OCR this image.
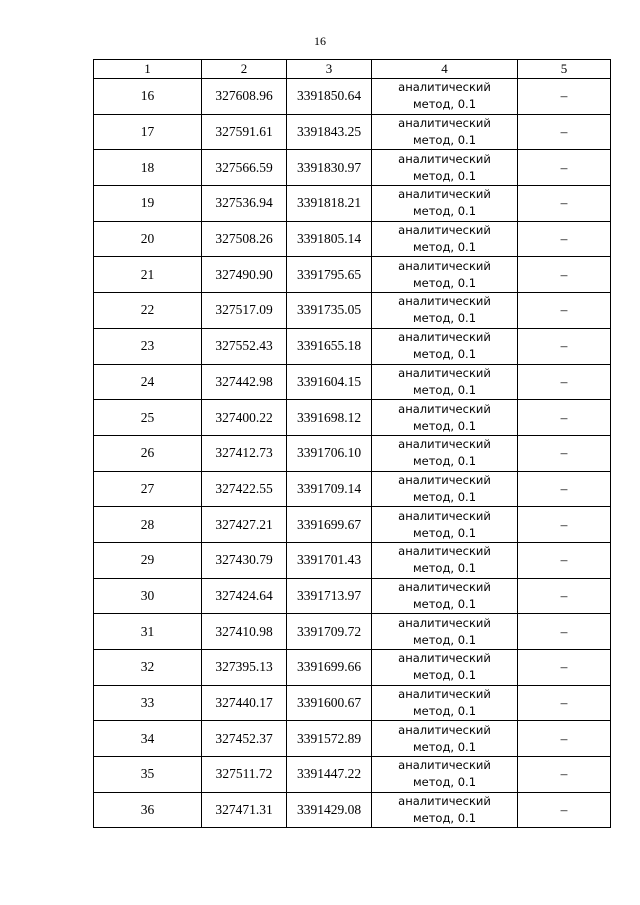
16
1	2	3	4	5
16	327608.96	3391850.64	аналитический
метод, 0.1	–
17	327591.61	3391843.25	аналитический
метод, 0.1	–
18	327566.59	3391830.97	аналитический
метод, 0.1	–
19	327536.94	3391818.21	аналитический
метод, 0.1	–
20	327508.26	3391805.14	аналитический
метод, 0.1	–
21	327490.90	3391795.65	аналитический
метод, 0.1	–
22	327517.09	3391735.05	аналитический
метод, 0.1	–
23	327552.43	3391655.18	аналитический
метод, 0.1	–
24	327442.98	3391604.15	аналитический
метод, 0.1	–
25	327400.22	3391698.12	аналитический
метод, 0.1	–
26	327412.73	3391706.10	аналитический
метод, 0.1	–
27	327422.55	3391709.14	аналитический
метод, 0.1	–
28	327427.21	3391699.67	аналитический
метод, 0.1	–
29	327430.79	3391701.43	аналитический
метод, 0.1	–
30	327424.64	3391713.97	аналитический
метод, 0.1	–
31	327410.98	3391709.72	аналитический
метод, 0.1	–
32	327395.13	3391699.66	аналитический
метод, 0.1	–
33	327440.17	3391600.67	аналитический
метод, 0.1	–
34	327452.37	3391572.89	аналитический
метод, 0.1	–
35	327511.72	3391447.22	аналитический
метод, 0.1	–
36	327471.31	3391429.08	аналитический
метод, 0.1	–
